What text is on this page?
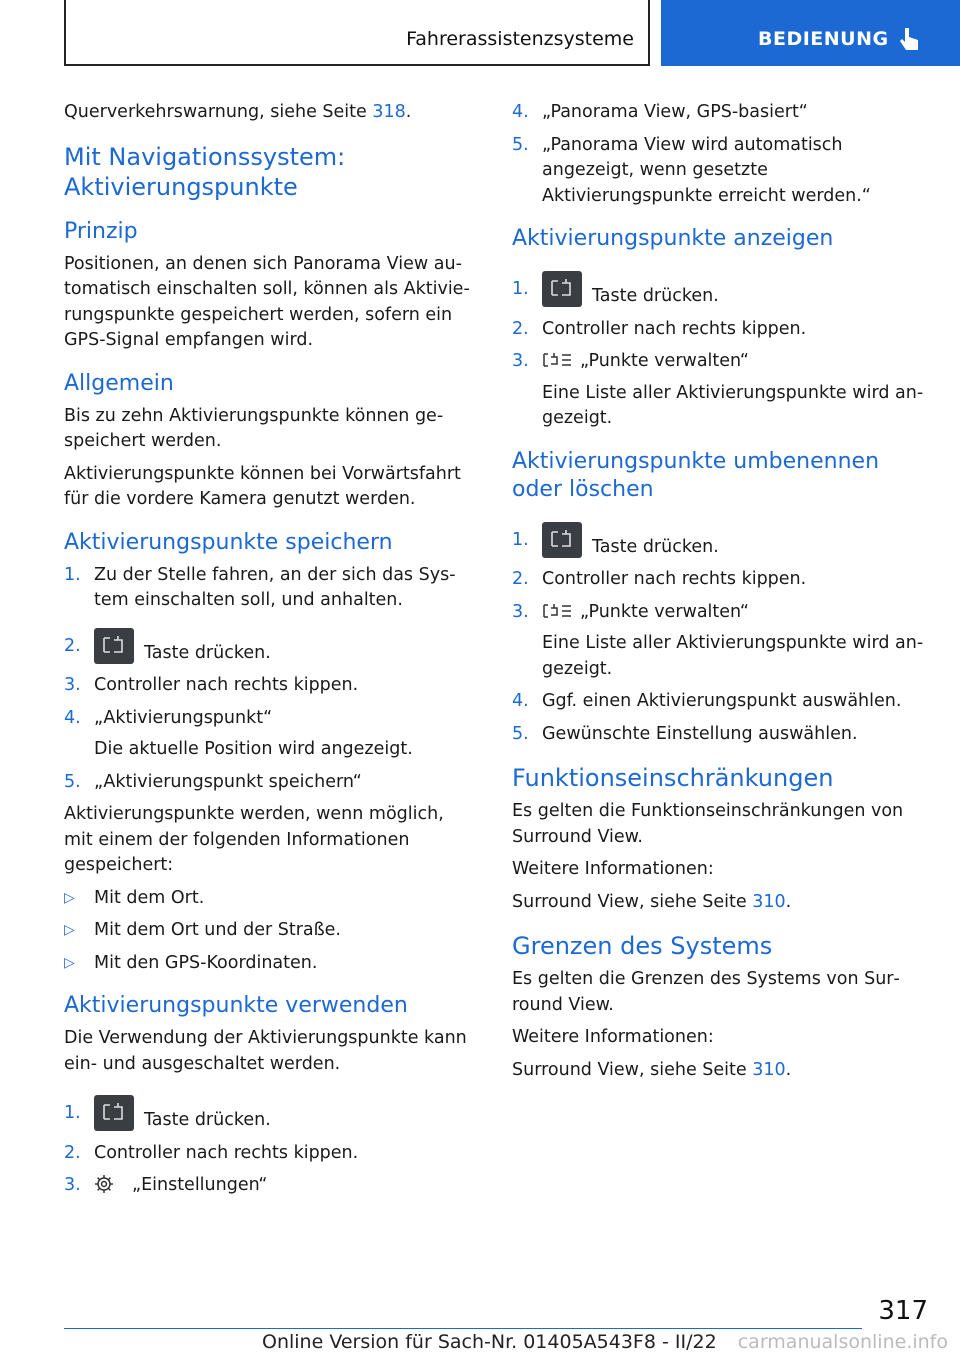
Fahrerassistenzsysteme	BEDIENUNG

Querverkehrswarnung, siehe Seite 318.

Mit Navigationssystem: Aktivierungspunkte
Prinzip

Positionen, an denen sich Panorama View automatisch einschalten soll, können als Aktivierungspunkte gespeichert werden, sofern ein GPS-Signal empfangen wird.

Allgemein

Bis zu zehn Aktivierungspunkte können gespeichert werden.

Aktivierungspunkte können bei Vorwärtsfahrt für die vordere Kamera genutzt werden.

Aktivierungspunkte speichern
1. Zu der Stelle fahren, an der sich das System einschalten soll, und anhalten.
2.	Taste drücken.
3. Controller nach rechts kippen.
4. „Aktivierungspunkt“
Die aktuelle Position wird angezeigt.
5. „Aktivierungspunkt speichern“

Aktivierungspunkte werden, wenn möglich, mit einem der folgenden Informationen gespeichert:

▷ Mit dem Ort.
▷ Mit dem Ort und der Straße.
▷ Mit den GPS-Koordinaten.
Aktivierungspunkte verwenden

Die Verwendung der Aktivierungspunkte kann ein- und ausgeschaltet werden.

1.	Taste drücken.
2. Controller nach rechts kippen.
3.	„Einstellungen“
4. „Panorama View, GPS-basiert“
5. „Panorama View wird automatisch angezeigt, wenn gesetzte Aktivierungspunkte erreicht werden.“
Aktivierungspunkte anzeigen
1.	Taste drücken.
2. Controller nach rechts kippen.
3.	„Punkte verwalten“
Eine Liste aller Aktivierungspunkte wird angezeigt.
Aktivierungspunkte umbenennen oder löschen
1.	Taste drücken.
2. Controller nach rechts kippen.
3.	„Punkte verwalten“
Eine Liste aller Aktivierungspunkte wird angezeigt.
4. Ggf. einen Aktivierungspunkt auswählen.
5. Gewünschte Einstellung auswählen.
Funktionseinschränkungen

Es gelten die Funktionseinschränkungen von Surround View.

Weitere Informationen:

Surround View, siehe Seite 310.

Grenzen des Systems

Es gelten die Grenzen des Systems von Surround View.

Weitere Informationen:

Surround View, siehe Seite 310.

317
Online Version für Sach-Nr. 01405A543F8 - II/22 carmanualsonline.info
